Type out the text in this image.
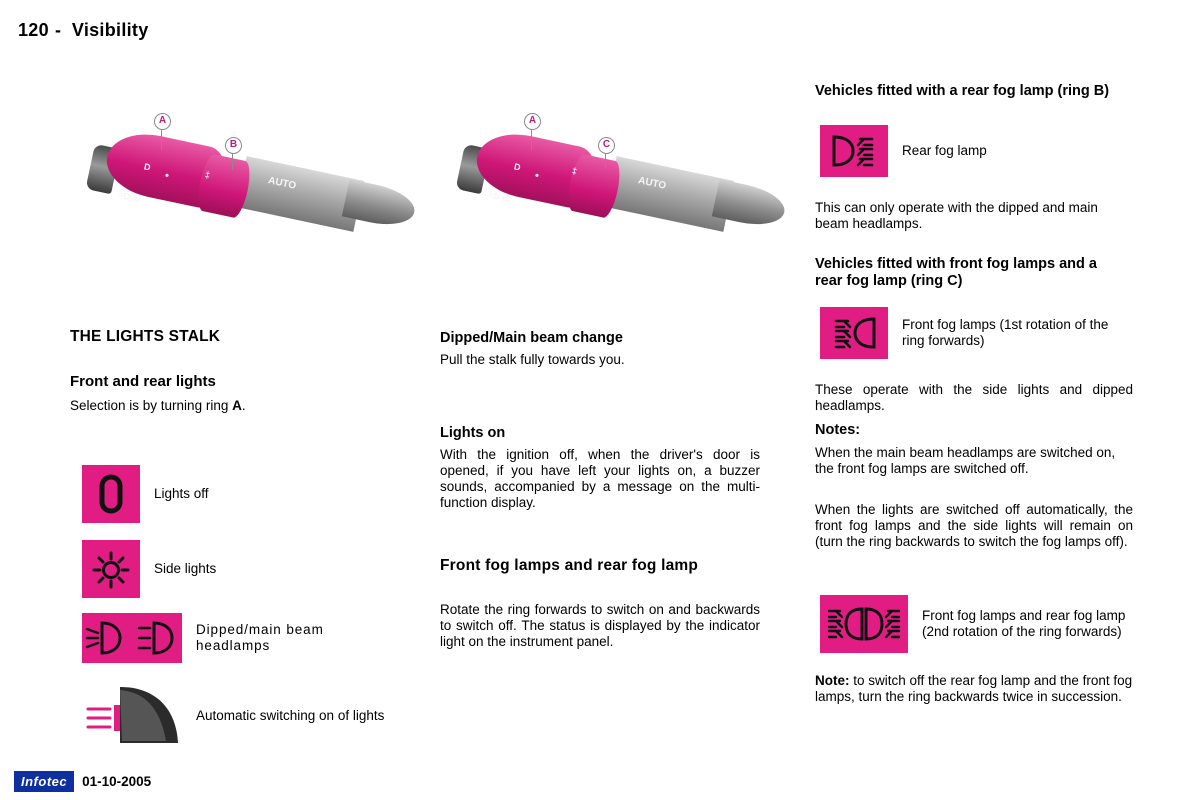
120 - Visibility
D
•
≡D ID
‡
AUTO
A
B
D
•
≡D ID
‡
AUTO
A
C
THE LIGHTS STALK
Front and rear lights

Selection is by turning ring A.

Lights off
Side lights
Dipped/main beam headlamps
Automatic switching on of lights
Dipped/Main beam change

Pull the stalk fully towards you.

Lights on

With the ignition off, when the driver's door is opened, if you have left your lights on, a buzzer sounds, accompanied by a message on the multi-function display.

Front fog lamps and rear fog lamp

Rotate the ring forwards to switch on and backwards to switch off. The status is displayed by the indicator light on the instrument panel.

Vehicles fitted with a rear fog lamp (ring B)
Rear fog lamp

This can only operate with the dipped and main beam headlamps.

Vehicles fitted with front fog lamps and a rear fog lamp (ring C)
Front fog lamps (1st rotation of the ring forwards)

These operate with the side lights and dipped headlamps.

Notes:

When the main beam headlamps are switched on, the front fog lamps are switched off.

When the lights are switched off automatically, the front fog lamps and the side lights will remain on (turn the ring backwards to switch the fog lamps off).

Front fog lamps and rear fog lamp (2nd rotation of the ring forwards)

Note: to switch off the rear fog lamp and the front fog lamps, turn the ring backwards twice in succession.

Infotec	01-10-2005
